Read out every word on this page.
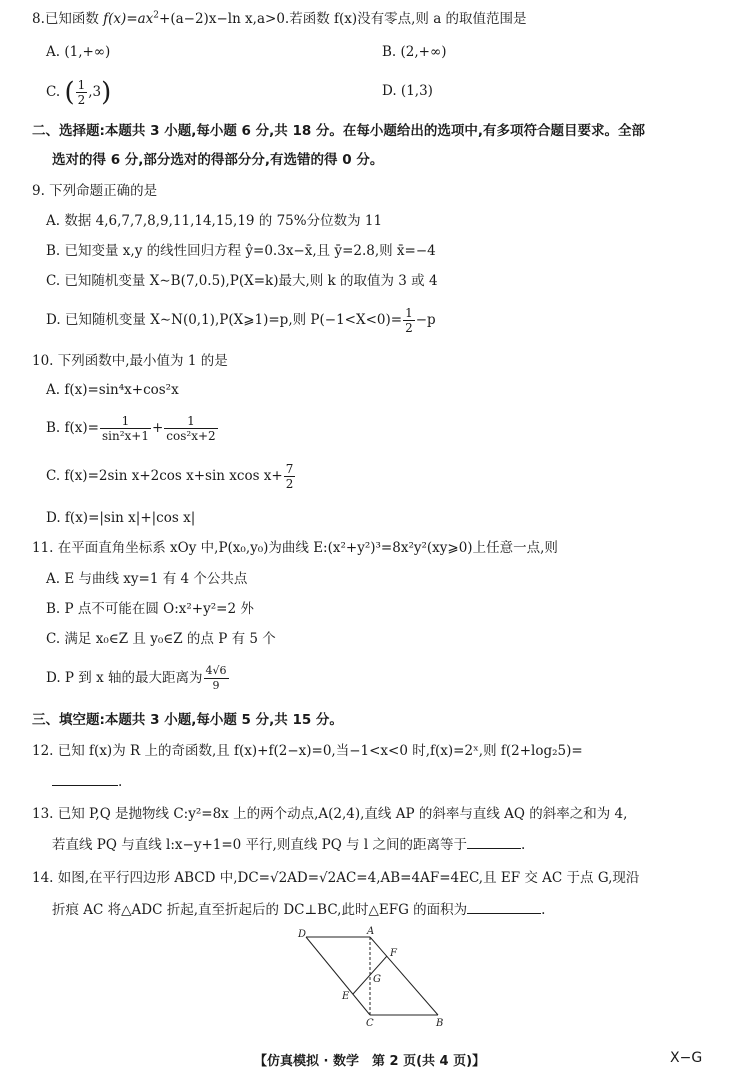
8.已知函数 $f(x)=ax^2+(a-2)x-\ln$ x,a>0.若函数 f(x)没有零点,则 a 的取值范围是
A. (1,+∞)	B. (2,+∞)
C. ( $\frac{1}{2} ,3$)	D. (1,3)
二、选择题:本题共 3 小题,每小题 6 分,共 18 分。在每小题给出的选项中,有多项符合题目要求。全部
选对的得 6 分,部分选对的得部分分,有选错的得 0 分。
9. 下列命题正确的是
A. 数据 4,6,7,7,8,9,11,14,15,19 的 75%分位数为 11
B. 已知变量 x,y 的线性回归方程 ŷ=0.3x−x̄,且 ȳ=2.8,则 x̄=−4
C. 已知随机变量 X∼B(7,0.5),P(X=k)最大,则 k 的取值为 3 或 4
D. 已知随机变量 X∼N(0,1),P(X⩾1)=p,则 $P(-1<X<0)= \frac{1}{2} -p$
10. 下列函数中,最小值为 1 的是
A. f(x)=sin⁴x+cos²x
B. $f(x)= \frac{1}{\text{sin²x+1}} + \frac{1}{\text{cos²x+2}}$
C. f(x)=2sin x+2cos x+sin xcos $x+ \frac{7}{2}$
D. f(x)=|sin x|+|cos x|
11. 在平面直角坐标系 xOy 中,P(x₀,y₀)为曲线 E:(x²+y²)³=8x²y²(xy⩾0)上任意一点,则
A. E 与曲线 xy=1 有 4 个公共点
B. P 点不可能在圆 O:x²+y²=2 外
C. 满足 x₀∈Z 且 y₀∈Z 的点 P 有 5 个
D. P 到 x 轴的最大距离为 $\frac{4√6}{9}$
三、填空题:本题共 3 小题,每小题 5 分,共 15 分。
12. 已知 f(x)为 R 上的奇函数,且 f(x)+f(2−x)=0,当−1<x<0 时,f(x)=2ˣ,则 f(2+log₂5)=
.
13. 已知 P,Q 是抛物线 C:y²=8x 上的两个动点,A(2,4),直线 AP 的斜率与直线 AQ 的斜率之和为 4,
若直线 PQ 与直线 l:x−y+1=0 平行,则直线 PQ 与 l 之间的距离等于	.
14. 如图,在平行四边形 ABCD 中,DC=√2AD=√2AC=4,AB=4AF=4EC,且 EF 交 AC 于点 G,现沿
折痕 AC 将△ADC 折起,直至折起后的 DC⊥BC,此时△EFG 的面积为	.
D	A
F
G
E
C	B
【仿真模拟 · 数学　第 2 页(共 4 页)】	X−G
